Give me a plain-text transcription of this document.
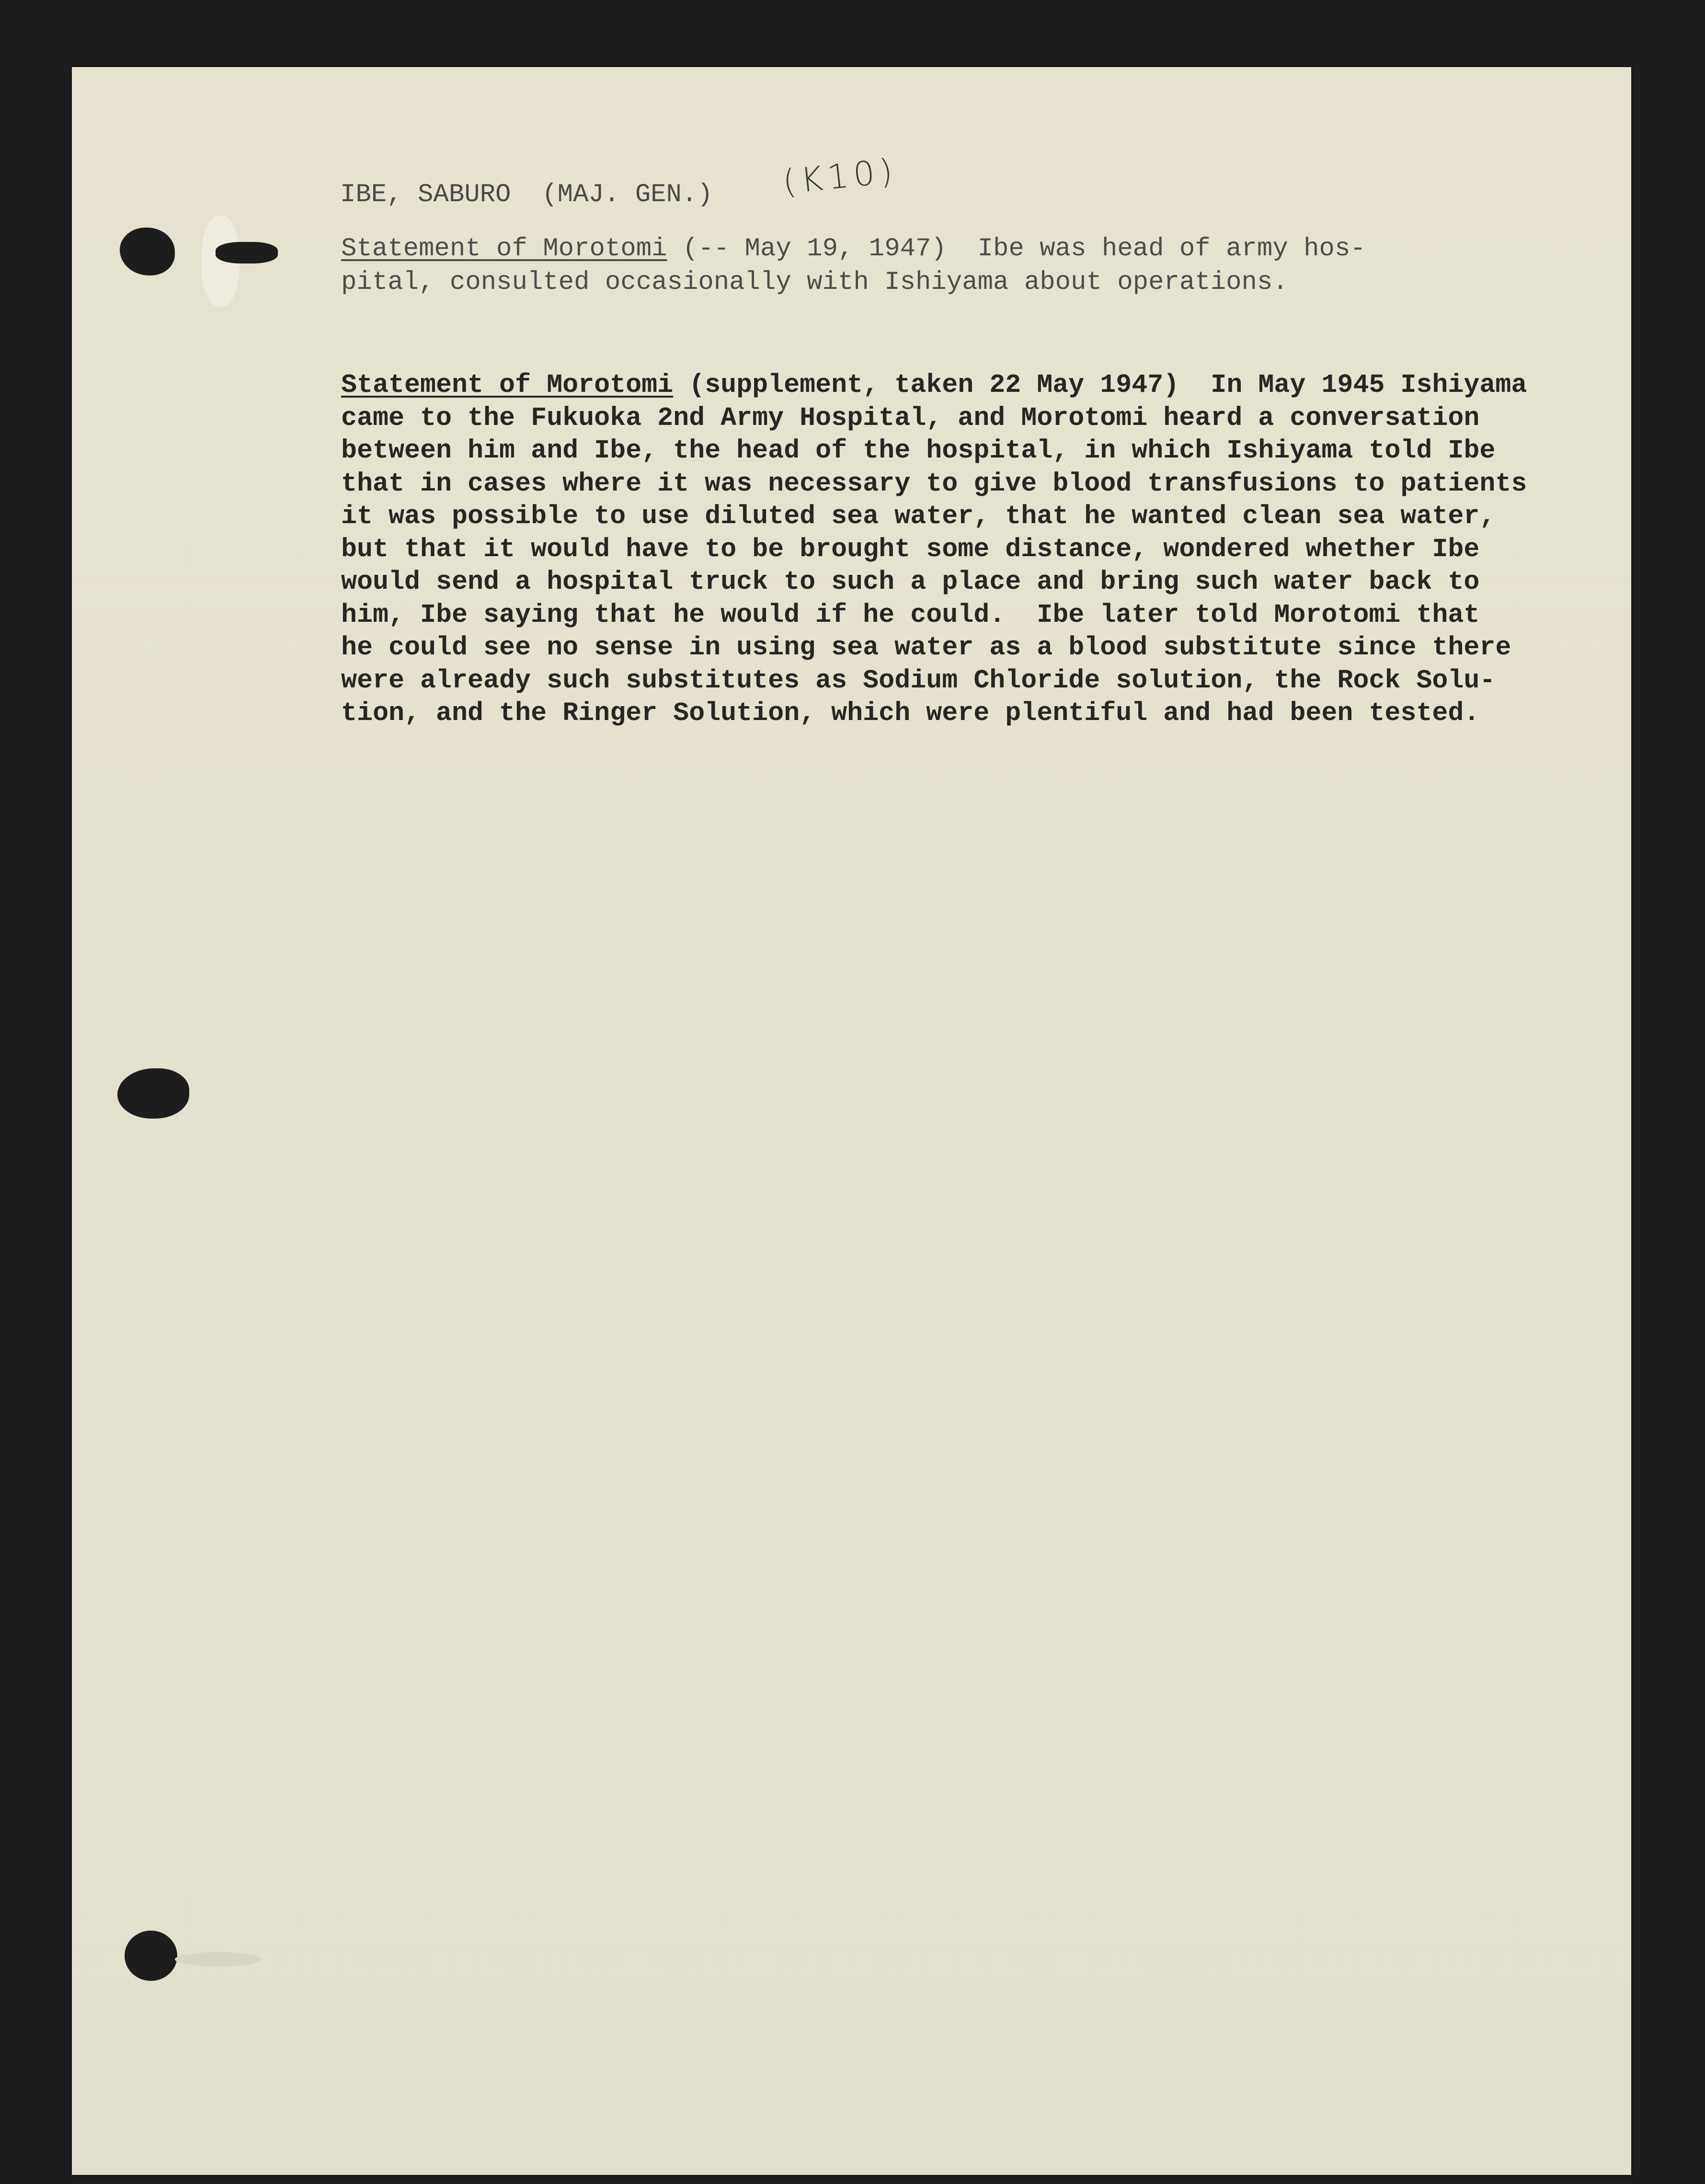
IBE, SABURO (MAJ. GEN.) (K10)
Statement of Morotomi (-- May 19, 1947)  Ibe was head of army hos-
pital, consulted occasionally with Ishiyama about operations.
Statement of Morotomi (supplement, taken 22 May 1947)  In May 1945 Ishiyama
came to the Fukuoka 2nd Army Hospital, and Morotomi heard a conversation
between him and Ibe, the head of the hospital, in which Ishiyama told Ibe
that in cases where it was necessary to give blood transfusions to patients
it was possible to use diluted sea water, that he wanted clean sea water,
but that it would have to be brought some distance, wondered whether Ibe
would send a hospital truck to such a place and bring such water back to
him, Ibe saying that he would if he could.  Ibe later told Morotomi that
he could see no sense in using sea water as a blood substitute since there
were already such substitutes as Sodium Chloride solution, the Rock Solu-
tion, and the Ringer Solution, which were plentiful and had been tested.
